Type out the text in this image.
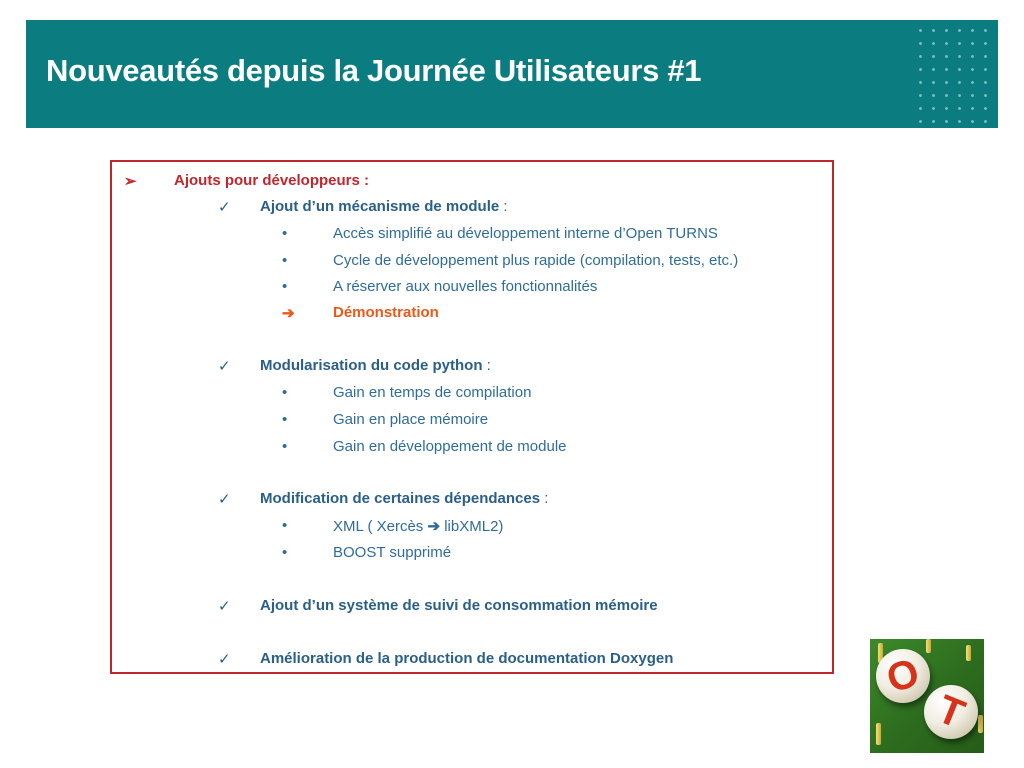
Nouveautés depuis la Journée Utilisateurs #1
➢ Ajouts pour développeurs :
✓ Ajout d’un mécanisme de module :
•	Accès simplifié au développement interne d’Open TURNS
•	Cycle de développement plus rapide (compilation, tests, etc.)
•	A réserver aux nouvelles fonctionnalités
➔	Démonstration
✓ Modularisation du code python :
•	Gain en temps de compilation
•	Gain en place mémoire
•	Gain en développement de module
✓ Modification de certaines dépendances :
•	XML ( Xercès ➔ libXML2)
•	BOOST supprimé
✓ Ajout d’un système de suivi de consommation mémoire
✓ Amélioration de la production de documentation Doxygen	O
T
